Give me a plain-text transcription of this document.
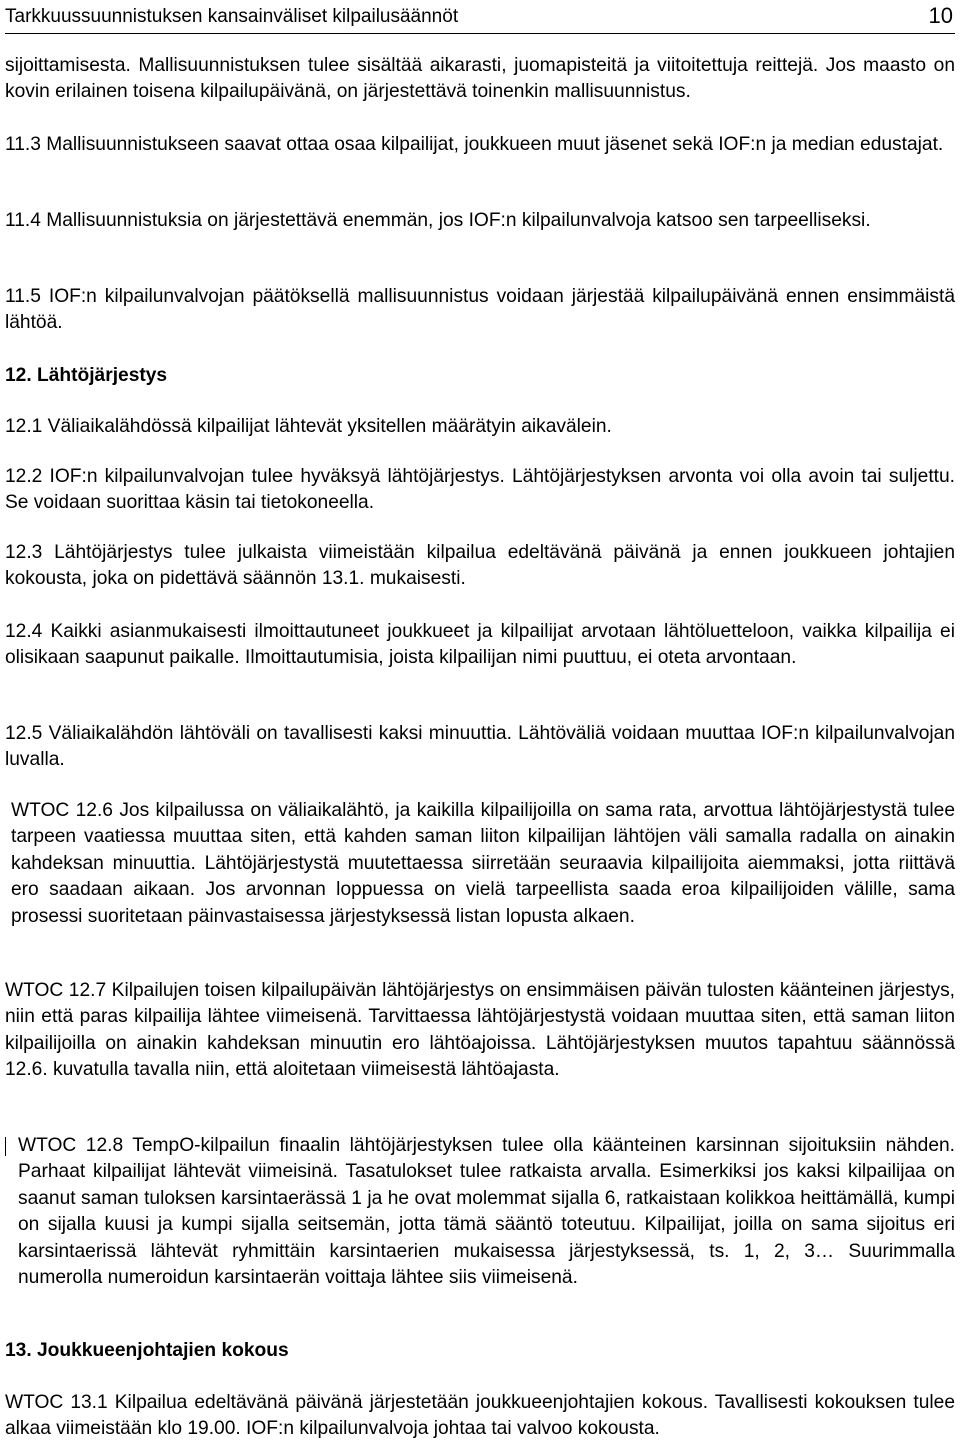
Tarkkuussuunnistuksen kansainväliset kilpailusäännöt	10
sijoittamisesta. Mallisuunnistuksen tulee sisältää aikarasti, juomapisteitä ja viitoitettuja reittejä. Jos maasto on kovin erilainen toisena kilpailupäivänä, on järjestettävä toinenkin mallisuunnistus.
11.3 Mallisuunnistukseen saavat ottaa osaa kilpailijat, joukkueen muut jäsenet sekä IOF:n ja median edustajat.
11.4 Mallisuunnistuksia on järjestettävä enemmän, jos IOF:n kilpailunvalvoja katsoo sen tarpeelliseksi.
11.5 IOF:n kilpailunvalvojan päätöksellä mallisuunnistus voidaan järjestää kilpailupäivänä ennen ensimmäistä lähtöä.
12. Lähtöjärjestys
12.1 Väliaikalähdössä kilpailijat lähtevät yksitellen määrätyin aikavälein.
12.2 IOF:n kilpailunvalvojan tulee hyväksyä lähtöjärjestys. Lähtöjärjestyksen arvonta voi olla avoin tai suljettu. Se voidaan suorittaa käsin tai tietokoneella.
12.3 Lähtöjärjestys tulee julkaista viimeistään kilpailua edeltävänä päivänä ja ennen joukkueen johtajien kokousta, joka on pidettävä säännön 13.1. mukaisesti.
12.4 Kaikki asianmukaisesti ilmoittautuneet joukkueet ja kilpailijat arvotaan lähtöluetteloon, vaikka kilpailija ei olisikaan saapunut paikalle. Ilmoittautumisia, joista kilpailijan nimi puuttuu, ei oteta arvontaan.
12.5 Väliaikalähdön lähtöväli on tavallisesti kaksi minuuttia. Lähtöväliä voidaan muuttaa IOF:n kilpailunvalvojan luvalla.
WTOC 12.6 Jos kilpailussa on väliaikalähtö, ja kaikilla kilpailijoilla on sama rata, arvottua lähtöjärjestystä tulee tarpeen vaatiessa muuttaa siten, että kahden saman liiton kilpailijan lähtöjen väli samalla radalla on ainakin kahdeksan minuuttia. Lähtöjärjestystä muutettaessa siirretään seuraavia kilpailijoita aiemmaksi, jotta riittävä ero saadaan aikaan. Jos arvonnan loppuessa on vielä tarpeellista saada eroa kilpailijoiden välille, sama prosessi suoritetaan päinvastaisessa järjestyksessä listan lopusta alkaen.
WTOC 12.7 Kilpailujen toisen kilpailupäivän lähtöjärjestys on ensimmäisen päivän tulosten käänteinen järjestys, niin että paras kilpailija lähtee viimeisenä. Tarvittaessa lähtöjärjestystä voidaan muuttaa siten, että saman liiton kilpailijoilla on ainakin kahdeksan minuutin ero lähtöajoissa. Lähtöjärjestyksen muutos tapahtuu säännössä 12.6. kuvatulla tavalla niin, että aloitetaan viimeisestä lähtöajasta.
WTOC 12.8 TempO-kilpailun finaalin lähtöjärjestyksen tulee olla käänteinen karsinnan sijoituksiin nähden. Parhaat kilpailijat lähtevät viimeisinä. Tasatulokset tulee ratkaista arvalla. Esimerkiksi jos kaksi kilpailijaa on saanut saman tuloksen karsintaerässä 1 ja he ovat molemmat sijalla 6, ratkaistaan kolikkoa heittämällä, kumpi on sijalla kuusi ja kumpi sijalla seitsemän, jotta tämä sääntö toteutuu. Kilpailijat, joilla on sama sijoitus eri karsintaerissä lähtevät ryhmittäin karsintaerien mukaisessa järjestyksessä, ts. 1, 2, 3… Suurimmalla numerolla numeroidun karsintaerän voittaja lähtee siis viimeisenä.
13. Joukkueenjohtajien kokous
WTOC 13.1 Kilpailua edeltävänä päivänä järjestetään joukkueenjohtajien kokous. Tavallisesti kokouksen tulee alkaa viimeistään klo 19.00. IOF:n kilpailunvalvoja johtaa tai valvoo kokousta.
